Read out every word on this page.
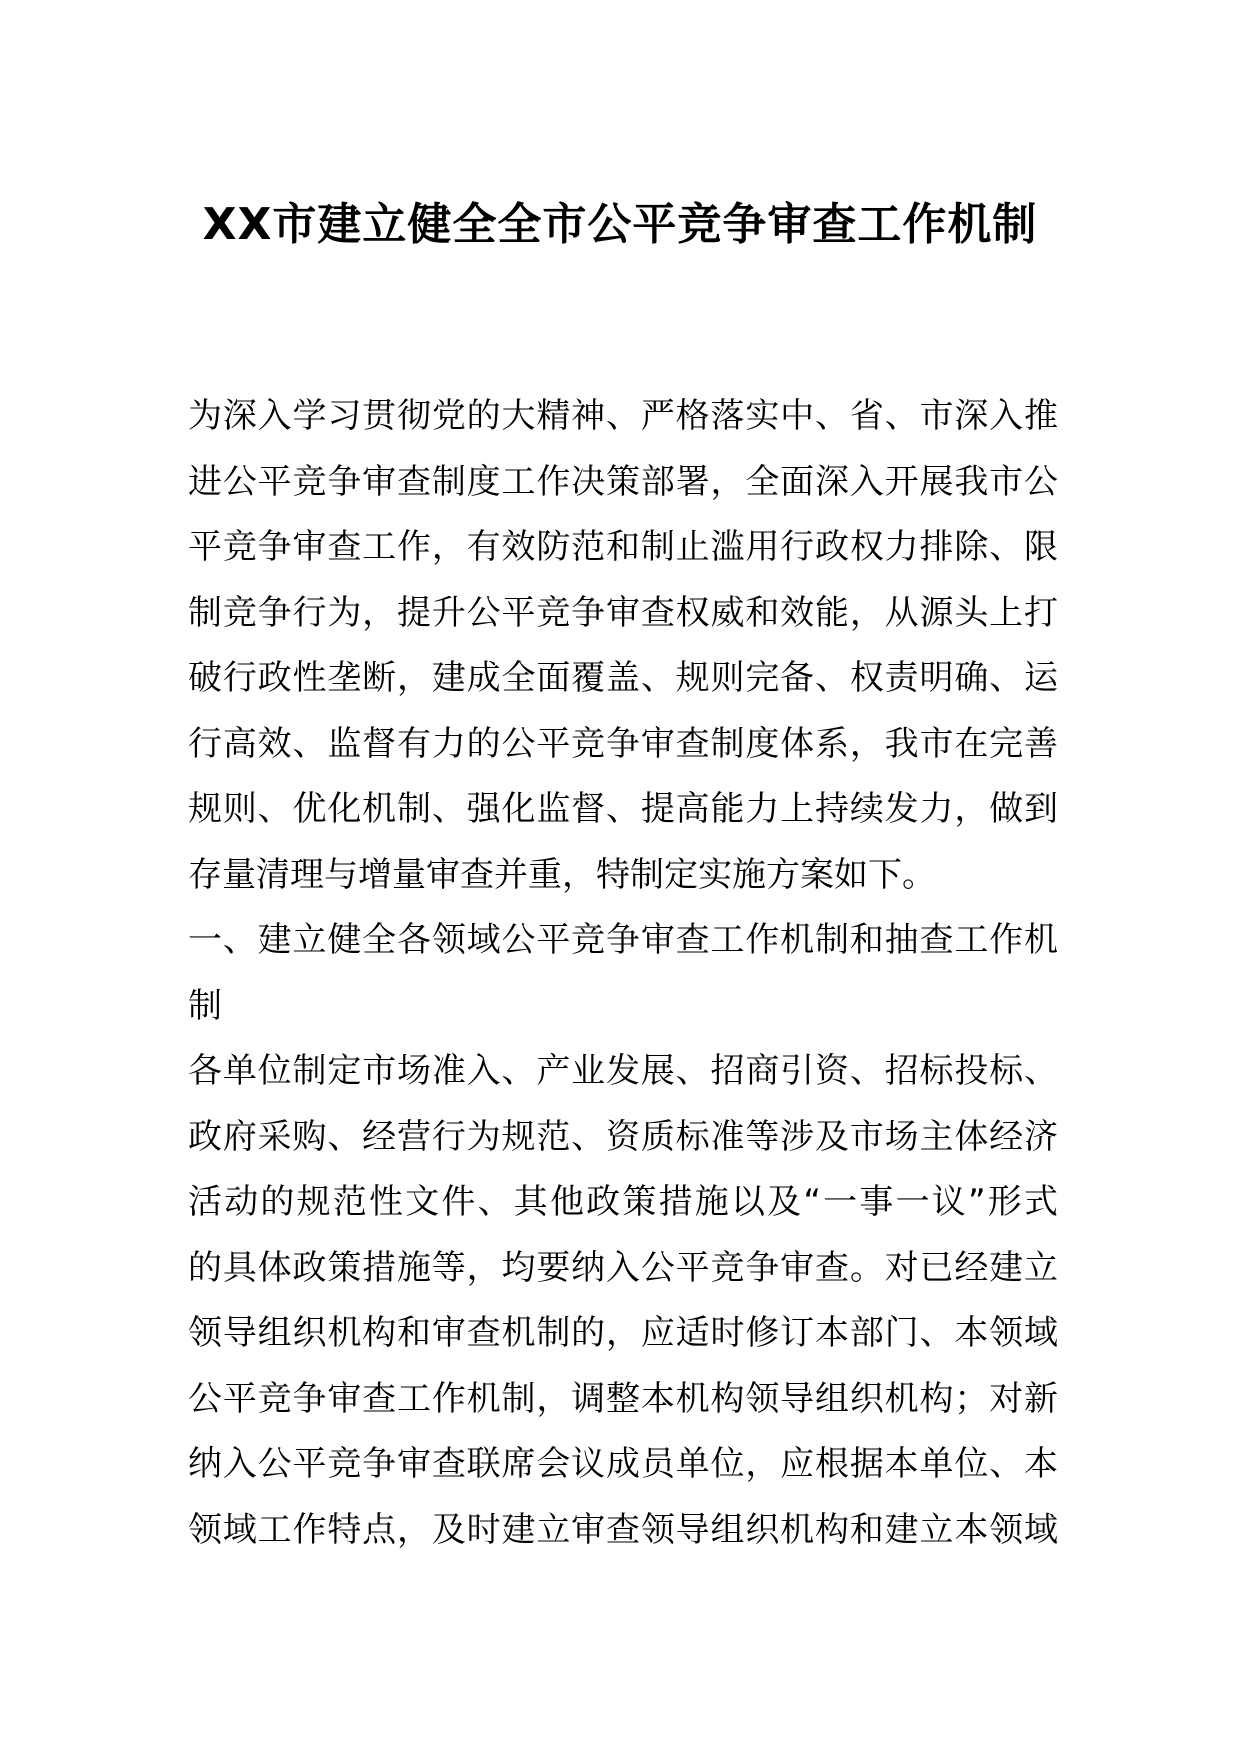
XX市建立健全全市公平竞争审查工作机制
为深入学习贯彻党的大精神、严格落实中、省、市深入推
进公平竞争审查制度工作决策部署，全面深入开展我市公
平竞争审查工作，有效防范和制止滥用行政权力排除、限
制竞争行为，提升公平竞争审查权威和效能，从源头上打
破行政性垄断，建成全面覆盖、规则完备、权责明确、运
行高效、监督有力的公平竞争审查制度体系，我市在完善
规则、优化机制、强化监督、提高能力上持续发力，做到
存量清理与增量审查并重，特制定实施方案如下。
一、建立健全各领域公平竞争审查工作机制和抽查工作机
制
各单位制定市场准入、产业发展、招商引资、招标投标、
政府采购、经营行为规范、资质标准等涉及市场主体经济
活动的规范性文件、其他政策措施以及“一事一议”形式
的具体政策措施等，均要纳入公平竞争审查。对已经建立
领导组织机构和审查机制的，应适时修订本部门、本领域
公平竞争审查工作机制，调整本机构领导组织机构；对新
纳入公平竞争审查联席会议成员单位，应根据本单位、本
领域工作特点，及时建立审查领导组织机构和建立本领域
